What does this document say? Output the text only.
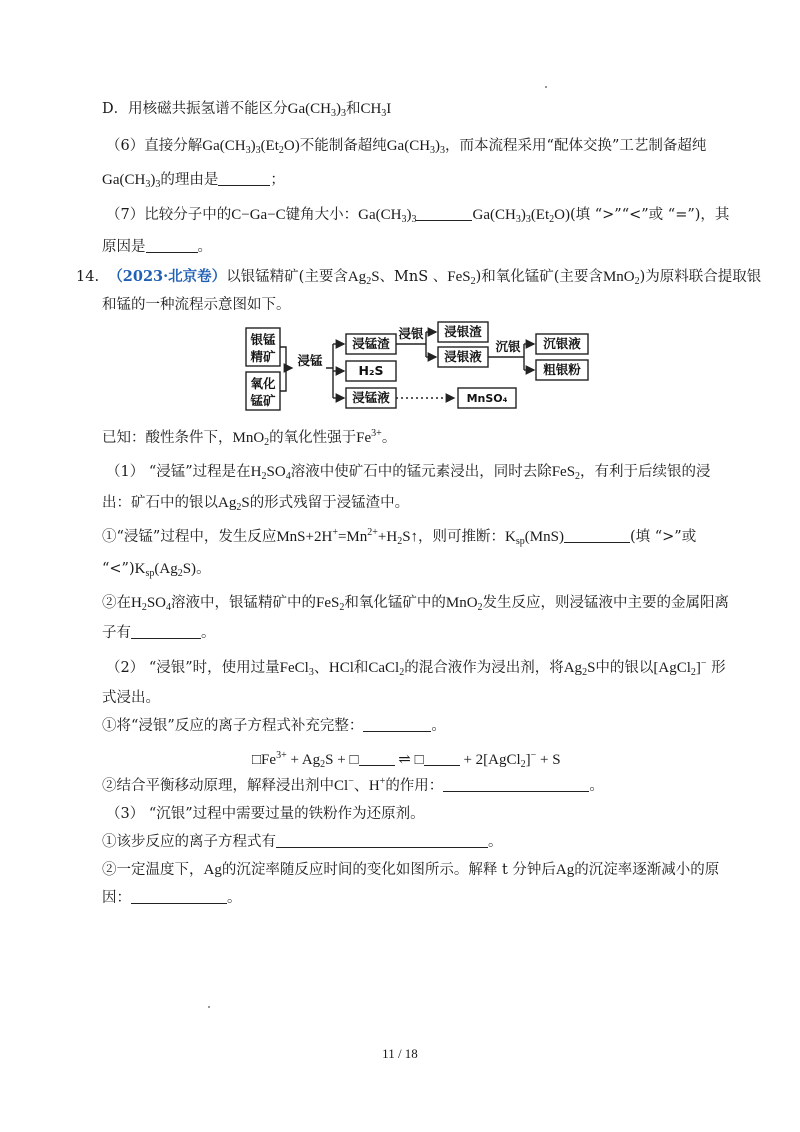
D．用核磁共振氢谱不能区分$Ga(CH_3)_3$和$CH_3I$
（6）直接分解$Ga(CH_3)_3(Et_2O)$不能制备超纯$Ga(CH_3)_3$，而本流程采用“配体交换”工艺制备超纯
$Ga(CH_3)_3$的理由是	；
（7）比较分子中的C−Ga−C键角大小：$Ga(CH_3)_3$	$Ga(CH_3)_3(Et_2O)$(填 “>”“<”或 “=”)，其
原因是	。
14. （2023·北京卷）以银锰精矿(主要含$Ag_2S$、MnS 、FeS$_2$)和氧化锰矿(主要含MnO$_2$)为原料联合提取银
和锰的一种流程示意图如下。
银锰
精矿
氧化
锰矿
浸锰
浸锰渣
H₂S
浸锰液
浸银 浸银渣
浸银液
沉银 沉银液
粗银粉
MnSO₄
已知：酸性条件下，MnO$_2$的氧化性强于$Fe^{3+}$。
（1） “浸锰”过程是在$H_2SO_4$溶液中使矿石中的锰元素浸出，同时去除FeS$_2$，有利于后续银的浸
出：矿石中的银以$Ag_2S$的形式残留于浸锰渣中。
①“浸锰”过程中，发生反应$MnS+2H^+=Mn^{2+}+H_2S↑$，则可推断：$K_{sp}(MnS)$	(填 “>”或
“$<”)K_{sp}(Ag_2S)$。
②在$H_2SO_4$溶液中，银锰精矿中的FeS$_2$和氧化锰矿中的MnO$_2$发生反应，则浸锰液中主要的金属阳离
子有	。
（2） “浸银”时，使用过量FeCl$_3$、HCl和CaCl$_2$的混合液作为浸出剂，将$Ag_2S$中的银以[AgCl$_2$]− 形
式浸出。
①将“浸银”反应的离子方程式补充完整：	。
$□Fe^{3+} + Ag_2S$ + □ ⇌ □ + 2[AgCl$_2$]− + S
②结合平衡移动原理，解释浸出剂中Cl−、H+的作用：	。
（3） “沉银”过程中需要过量的铁粉作为还原剂。
①该步反应的离子方程式有	。
②一定温度下，Ag的沉淀率随反应时间的变化如图所示。解释 t 分钟后Ag的沉淀率逐渐减小的原
因：	。
11 / 18
